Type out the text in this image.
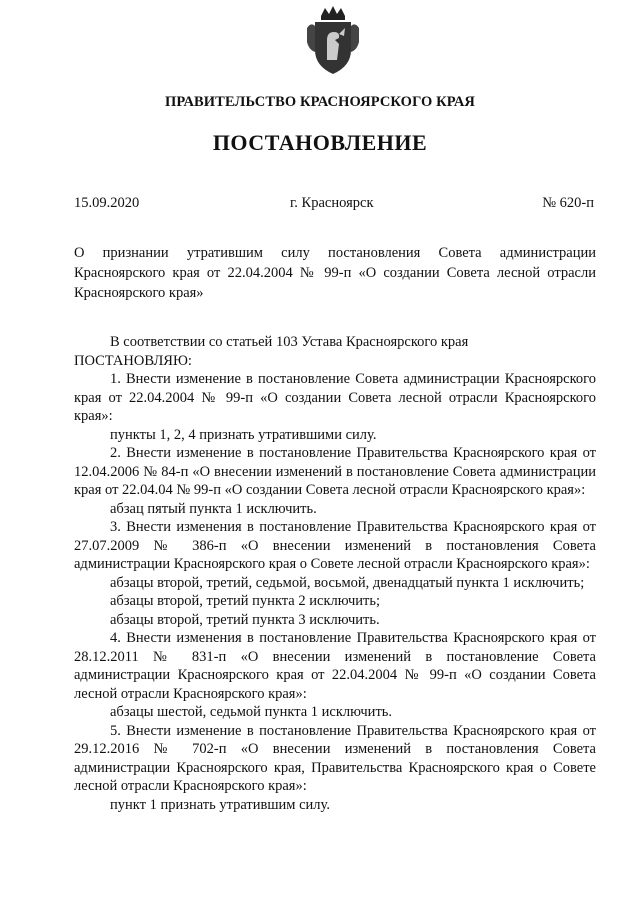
ПРАВИТЕЛЬСТВО КРАСНОЯРСКОГО КРАЯ
ПОСТАНОВЛЕНИЕ
15.09.2020	г. Красноярск	№ 620-п
О признании утратившим силу постановления Совета администрации Красноярского края от 22.04.2004 № 99-п «О создании Совета лесной отрасли Красноярского края»

В соответствии со статьей 103 Устава Красноярского края

ПОСТАНОВЛЯЮ:

1. Внести изменение в постановление Совета администрации Красноярского края от 22.04.2004 № 99-п «О создании Совета лесной отрасли Красноярского края»:

пункты 1, 2, 4 признать утратившими силу.

2. Внести изменение в постановление Правительства Красноярского края от 12.04.2006 № 84-п «О внесении изменений в постановление Совета администрации края от 22.04.04 № 99-п «О создании Совета лесной отрасли Красноярского края»:

абзац пятый пункта 1 исключить.

3. Внести изменения в постановление Правительства Красноярского края от 27.07.2009 № 386-п «О внесении изменений в постановления Совета администрации Красноярского края о Совете лесной отрасли Красноярского края»:

абзацы второй, третий, седьмой, восьмой, двенадцатый пункта 1 исключить;

абзацы второй, третий пункта 2 исключить;

абзацы второй, третий пункта 3 исключить.

4. Внести изменения в постановление Правительства Красноярского края от 28.12.2011 № 831-п «О внесении изменений в постановление Совета администрации Красноярского края от 22.04.2004 № 99-п «О создании Совета лесной отрасли Красноярского края»:

абзацы шестой, седьмой пункта 1 исключить.

5. Внести изменение в постановление Правительства Красноярского края от 29.12.2016 № 702-п «О внесении изменений в постановления Совета администрации Красноярского края, Правительства Красноярского края о Совете лесной отрасли Красноярского края»:

пункт 1 признать утратившим силу.
